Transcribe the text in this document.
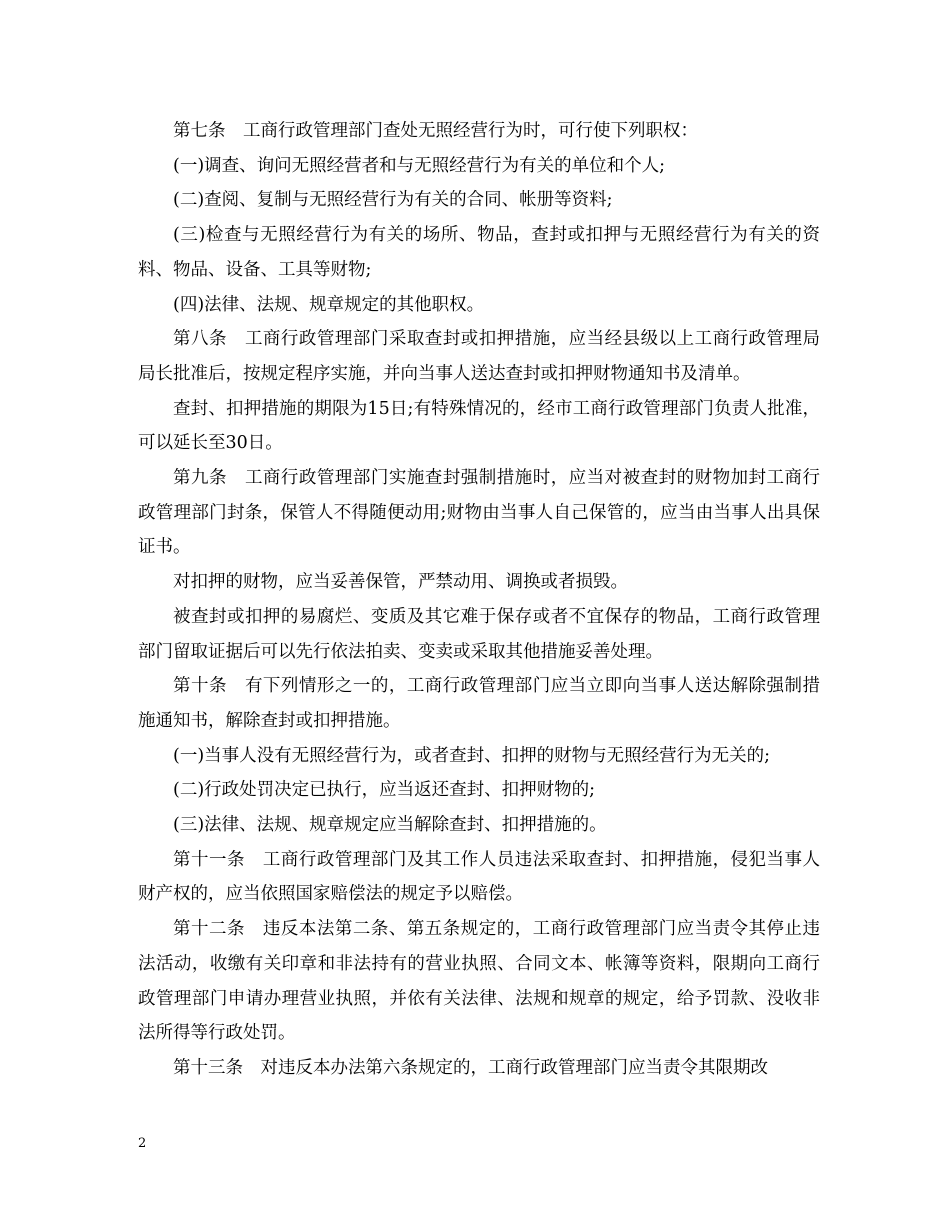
第七条　工商行政管理部门查处无照经营行为时，可行使下列职权：

(一)调查、询问无照经营者和与无照经营行为有关的单位和个人;

(二)查阅、复制与无照经营行为有关的合同、帐册等资料;

(三)检查与无照经营行为有关的场所、物品，查封或扣押与无照经营行为有关的资料、物品、设备、工具等财物;

(四)法律、法规、规章规定的其他职权。

第八条　工商行政管理部门采取查封或扣押措施，应当经县级以上工商行政管理局局长批准后，按规定程序实施，并向当事人送达查封或扣押财物通知书及清单。

查封、扣押措施的期限为15日;有特殊情况的，经市工商行政管理部门负责人批准，可以延长至30日。

第九条　工商行政管理部门实施查封强制措施时，应当对被查封的财物加封工商行政管理部门封条，保管人不得随便动用;财物由当事人自己保管的，应当由当事人出具保证书。

对扣押的财物，应当妥善保管，严禁动用、调换或者损毁。

被查封或扣押的易腐烂、变质及其它难于保存或者不宜保存的物品，工商行政管理部门留取证据后可以先行依法拍卖、变卖或采取其他措施妥善处理。

第十条　有下列情形之一的，工商行政管理部门应当立即向当事人送达解除强制措施通知书，解除查封或扣押措施。

(一)当事人没有无照经营行为，或者查封、扣押的财物与无照经营行为无关的;

(二)行政处罚决定已执行，应当返还查封、扣押财物的;

(三)法律、法规、规章规定应当解除查封、扣押措施的。

第十一条　工商行政管理部门及其工作人员违法采取查封、扣押措施，侵犯当事人财产权的，应当依照国家赔偿法的规定予以赔偿。

第十二条　违反本法第二条、第五条规定的，工商行政管理部门应当责令其停止违法活动，收缴有关印章和非法持有的营业执照、合同文本、帐簿等资料，限期向工商行政管理部门申请办理营业执照，并依有关法律、法规和规章的规定，给予罚款、没收非法所得等行政处罚。

第十三条　对违反本办法第六条规定的，工商行政管理部门应当责令其限期改

2
